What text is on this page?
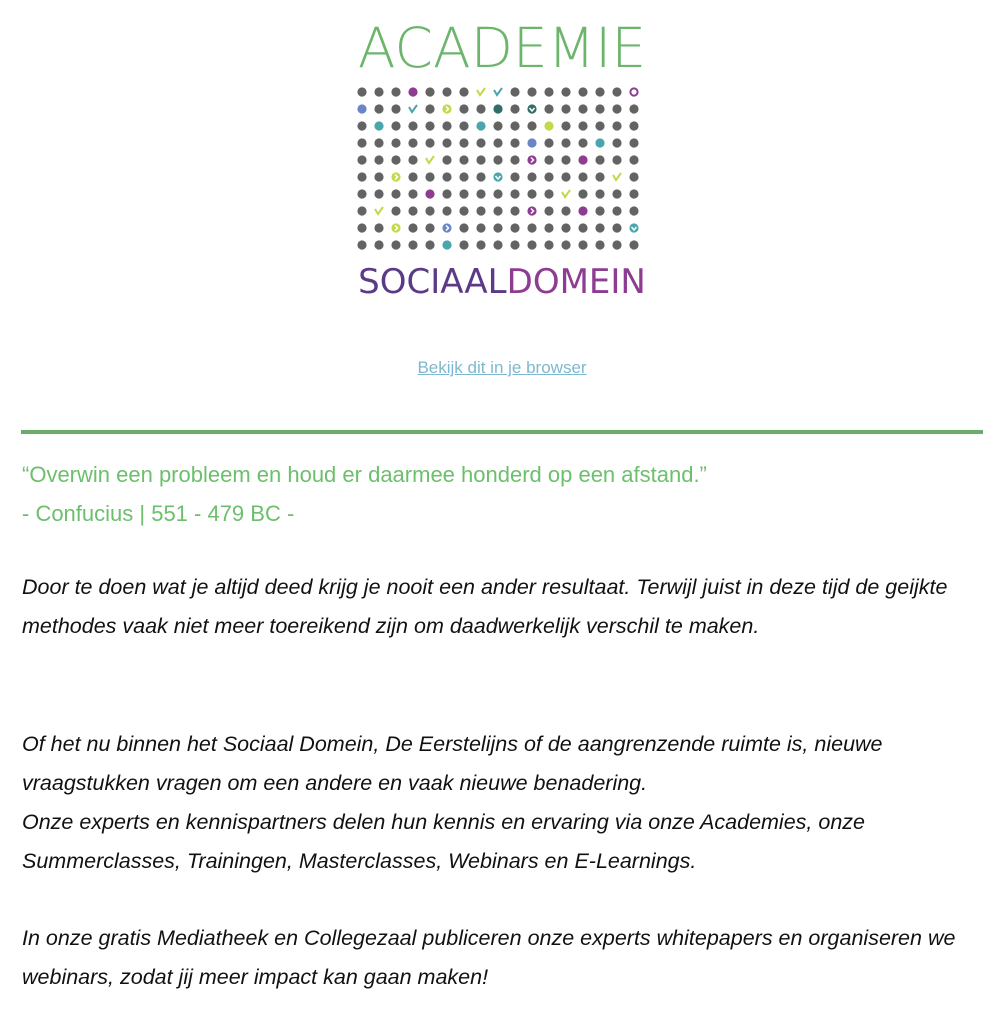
ACADEMIE
SOCIAALDOMEIN
Bekijk dit in je browser
“Overwin een probleem en houd er daarmee honderd op een afstand.”
- Confucius | 551 - 479 BC -
Door te doen wat je altijd deed krijg je nooit een ander resultaat. Terwijl juist in deze tijd de geijkte methodes vaak niet meer toereikend zijn om daadwerkelijk verschil te maken.
Of het nu binnen het Sociaal Domein, De Eerstelijns of de aangrenzende ruimte is, nieuwe vraagstukken vragen om een andere en vaak nieuwe benadering.
Onze experts en kennispartners delen hun kennis en ervaring via onze Academies, onze Summerclasses, Trainingen, Masterclasses, Webinars en E-Learnings.
In onze gratis Mediatheek en Collegezaal publiceren onze experts whitepapers en organiseren we webinars, zodat jij meer impact kan gaan maken!
